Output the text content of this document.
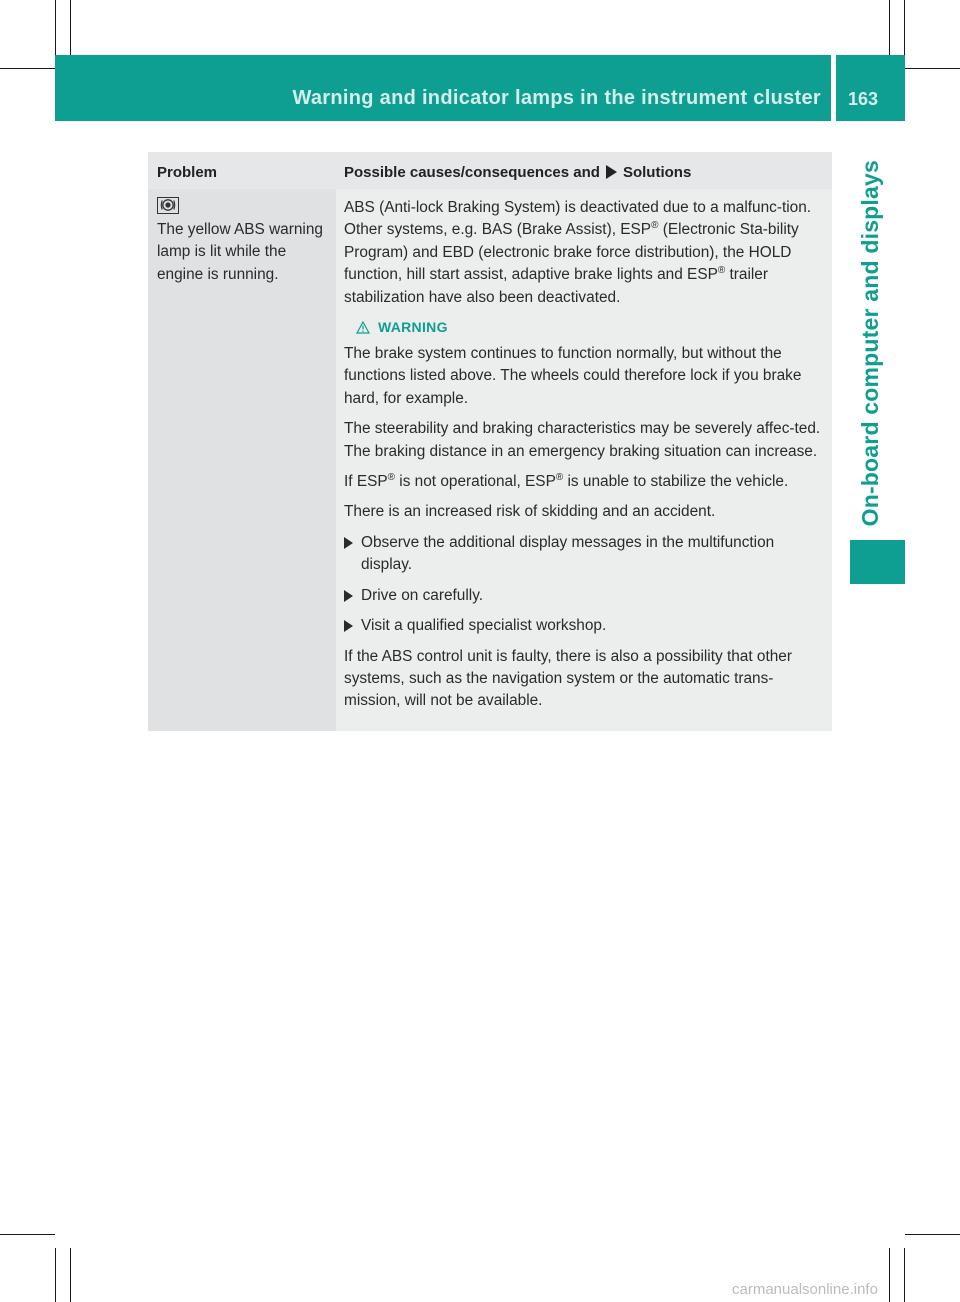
Warning and indicator lamps in the instrument cluster 163
On-board computer and displays
Problem	Possible causes/consequences and Solutions

The yellow ABS warning lamp is lit while the engine is running.

ABS (Anti-lock Braking System) is deactivated due to a malfunc-tion. Other systems, e.g. BAS (Brake Assist), ESP® (Electronic Sta-bility Program) and EBD (electronic brake force distribution), the HOLD function, hill start assist, adaptive brake lights and ESP® trailer stabilization have also been deactivated.

WARNING

The brake system continues to function normally, but without the functions listed above. The wheels could therefore lock if you brake hard, for example.

The steerability and braking characteristics may be severely affec-ted. The braking distance in an emergency braking situation can increase.

If ESP® is not operational, ESP® is unable to stabilize the vehicle.

There is an increased risk of skidding and an accident.

Observe the additional display messages in the multifunction display.

Drive on carefully.

Visit a qualified specialist workshop.

If the ABS control unit is faulty, there is also a possibility that other systems, such as the navigation system or the automatic trans-mission, will not be available.

carmanualsonline.info
